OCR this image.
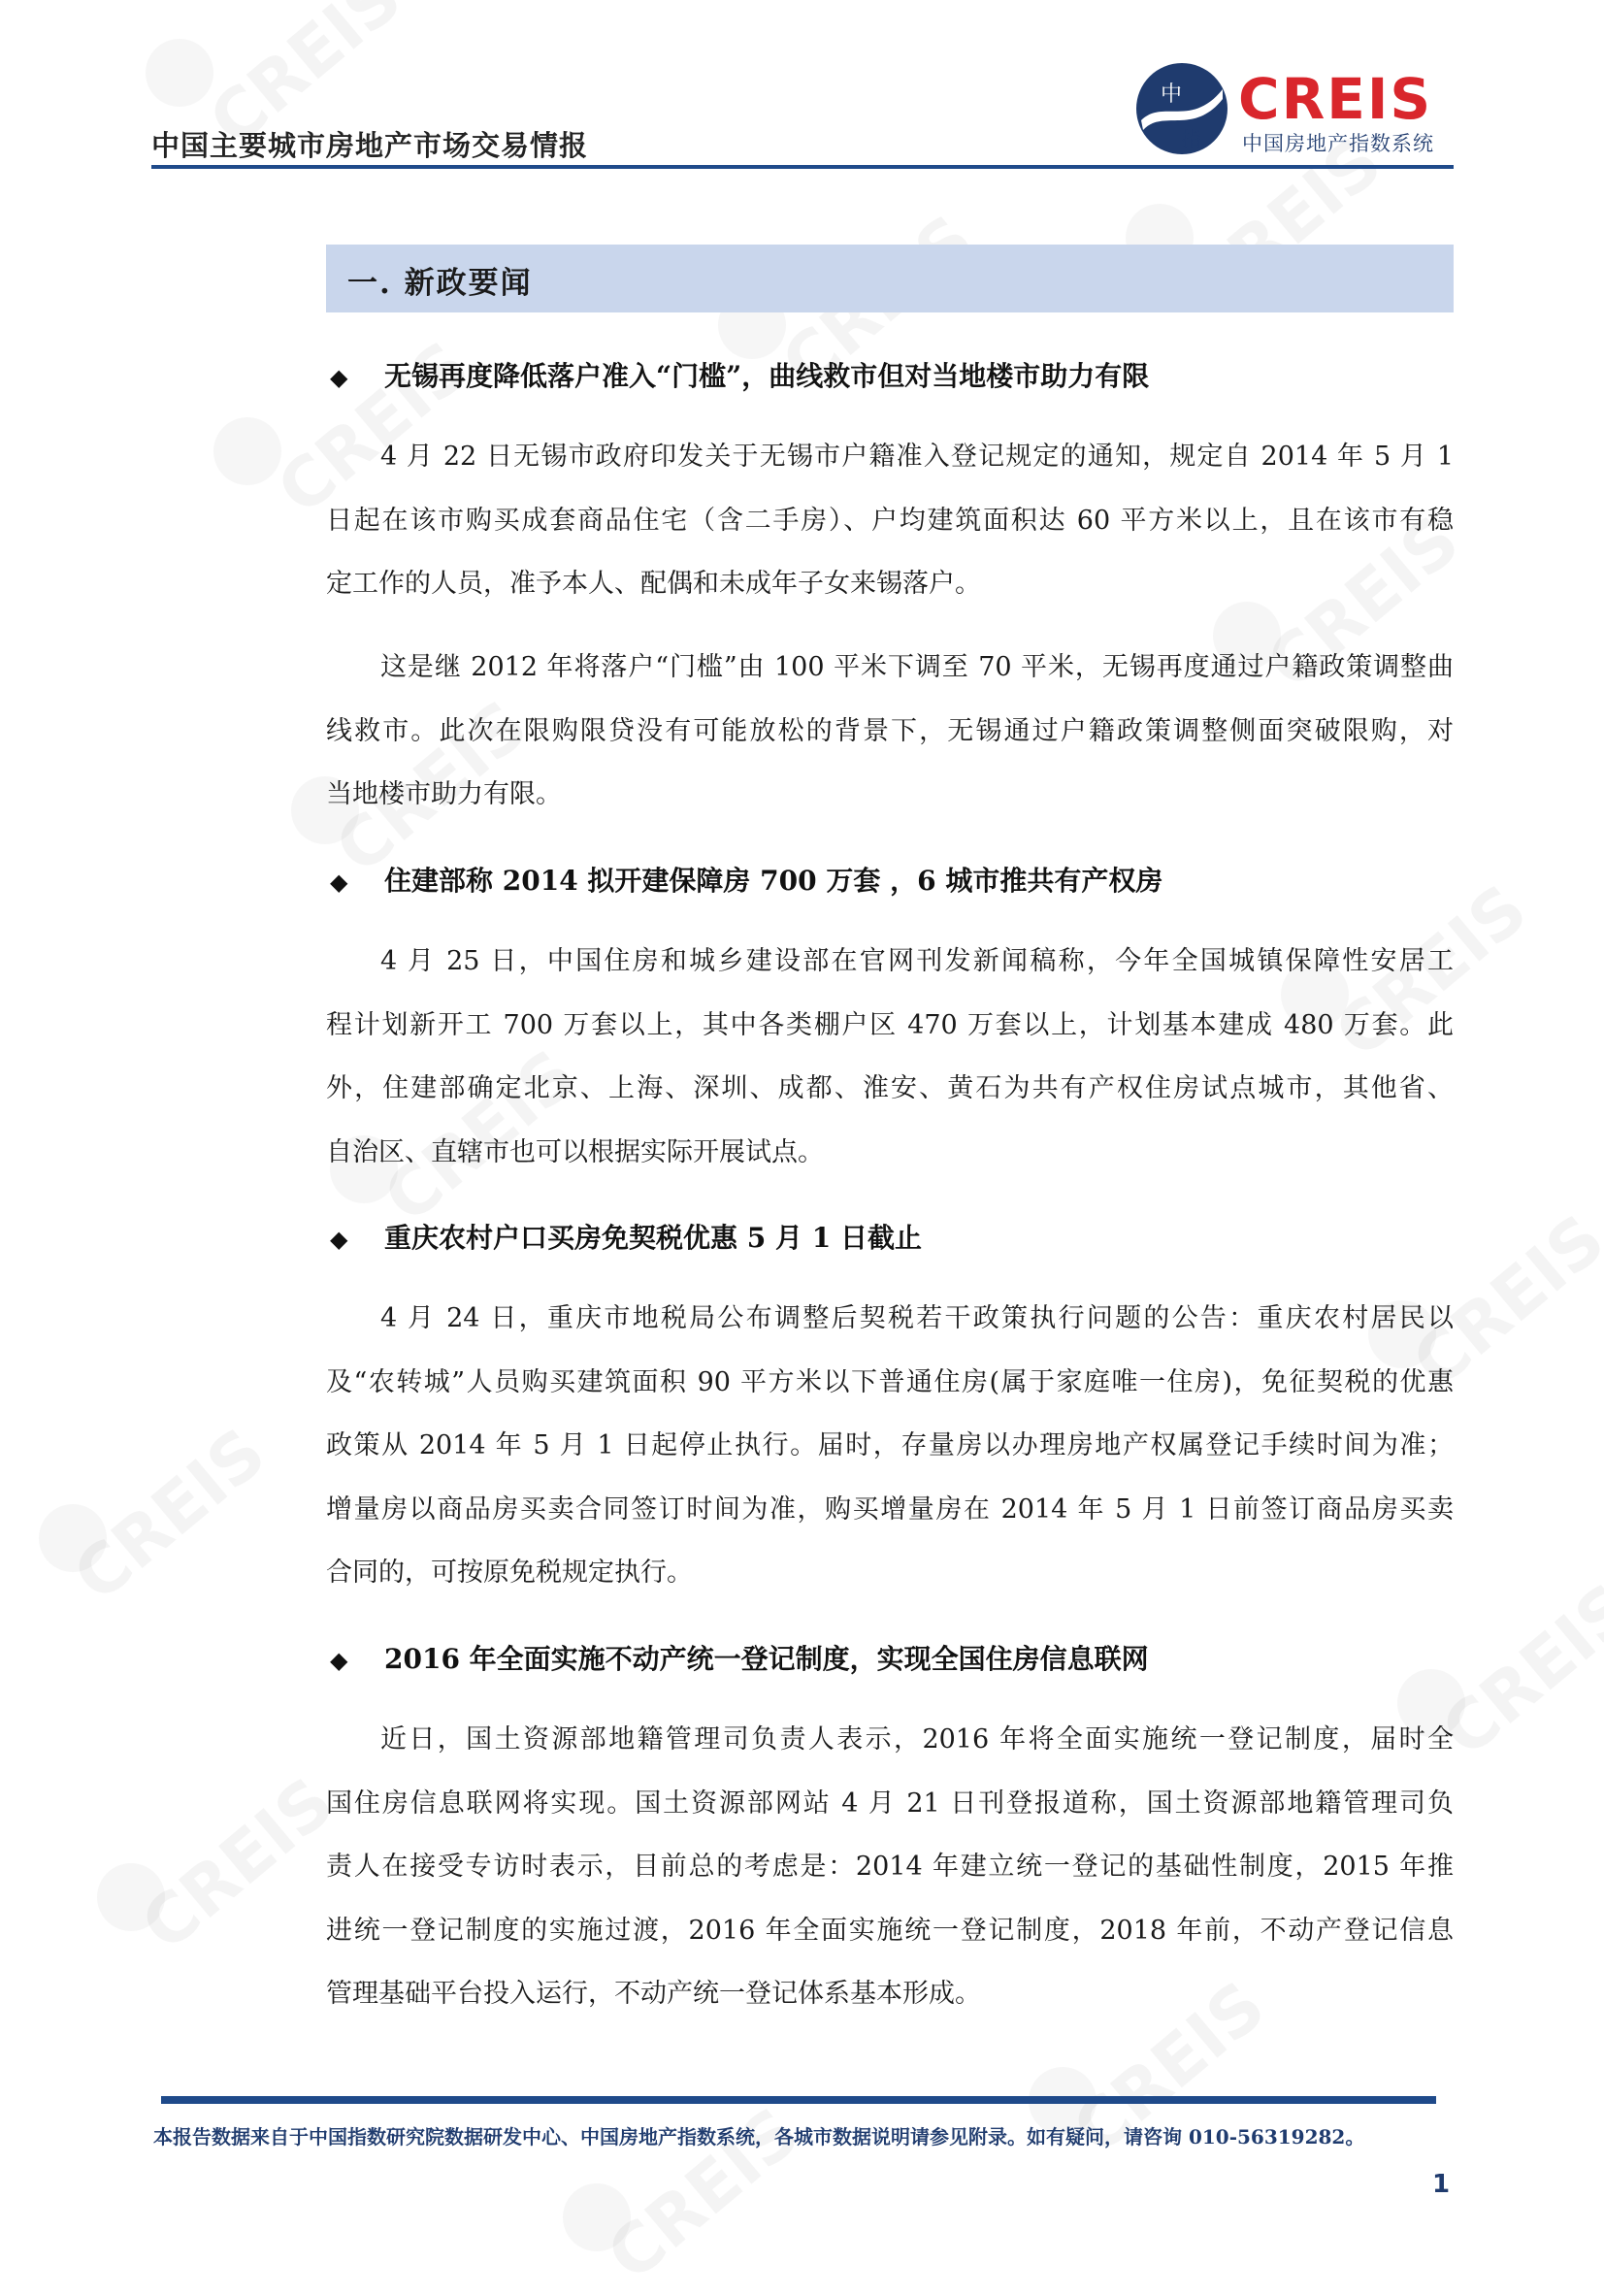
中国主要城市房地产市场交易情报
中
指
CREIS
中国房地产指数系统
一. 新政要闻
◆ 无锡再度降低落户准入“门槛”，曲线救市但对当地楼市助力有限
4 月 22 日无锡市政府印发关于无锡市户籍准入登记规定的通知，规定自 2014 年 5 月 1
日起在该市购买成套商品住宅（含二手房）、户均建筑面积达 60 平方米以上，且在该市有稳
定工作的人员，准予本人、配偶和未成年子女来锡落户。
这是继 2012 年将落户“门槛”由 100 平米下调至 70 平米，无锡再度通过户籍政策调整曲
线救市。此次在限购限贷没有可能放松的背景下，无锡通过户籍政策调整侧面突破限购，对
当地楼市助力有限。
◆ 住建部称 2014 拟开建保障房 700 万套 ，6 城市推共有产权房
4 月 25 日，中国住房和城乡建设部在官网刊发新闻稿称，今年全国城镇保障性安居工
程计划新开工 700 万套以上，其中各类棚户区 470 万套以上，计划基本建成 480 万套。此
外，住建部确定北京、上海、深圳、成都、淮安、黄石为共有产权住房试点城市，其他省、
自治区、直辖市也可以根据实际开展试点。
◆ 重庆农村户口买房免契税优惠 5 月 1 日截止
4 月 24 日，重庆市地税局公布调整后契税若干政策执行问题的公告：重庆农村居民以
及“农转城”人员购买建筑面积 90 平方米以下普通住房(属于家庭唯一住房)，免征契税的优惠
政策从 2014 年 5 月 1 日起停止执行。届时，存量房以办理房地产权属登记手续时间为准；
增量房以商品房买卖合同签订时间为准，购买增量房在 2014 年 5 月 1 日前签订商品房买卖
合同的，可按原免税规定执行。
◆ 2016 年全面实施不动产统一登记制度，实现全国住房信息联网
近日，国土资源部地籍管理司负责人表示，2016 年将全面实施统一登记制度，届时全
国住房信息联网将实现。国土资源部网站 4 月 21 日刊登报道称，国土资源部地籍管理司负
责人在接受专访时表示，目前总的考虑是：2014 年建立统一登记的基础性制度，2015 年推
进统一登记制度的实施过渡，2016 年全面实施统一登记制度，2018 年前，不动产登记信息
管理基础平台投入运行，不动产统一登记体系基本形成。
本报告数据来自于中国指数研究院数据研发中心、中国房地产指数系统，各城市数据说明请参见附录。如有疑问，请咨询 010-56319282。
1
